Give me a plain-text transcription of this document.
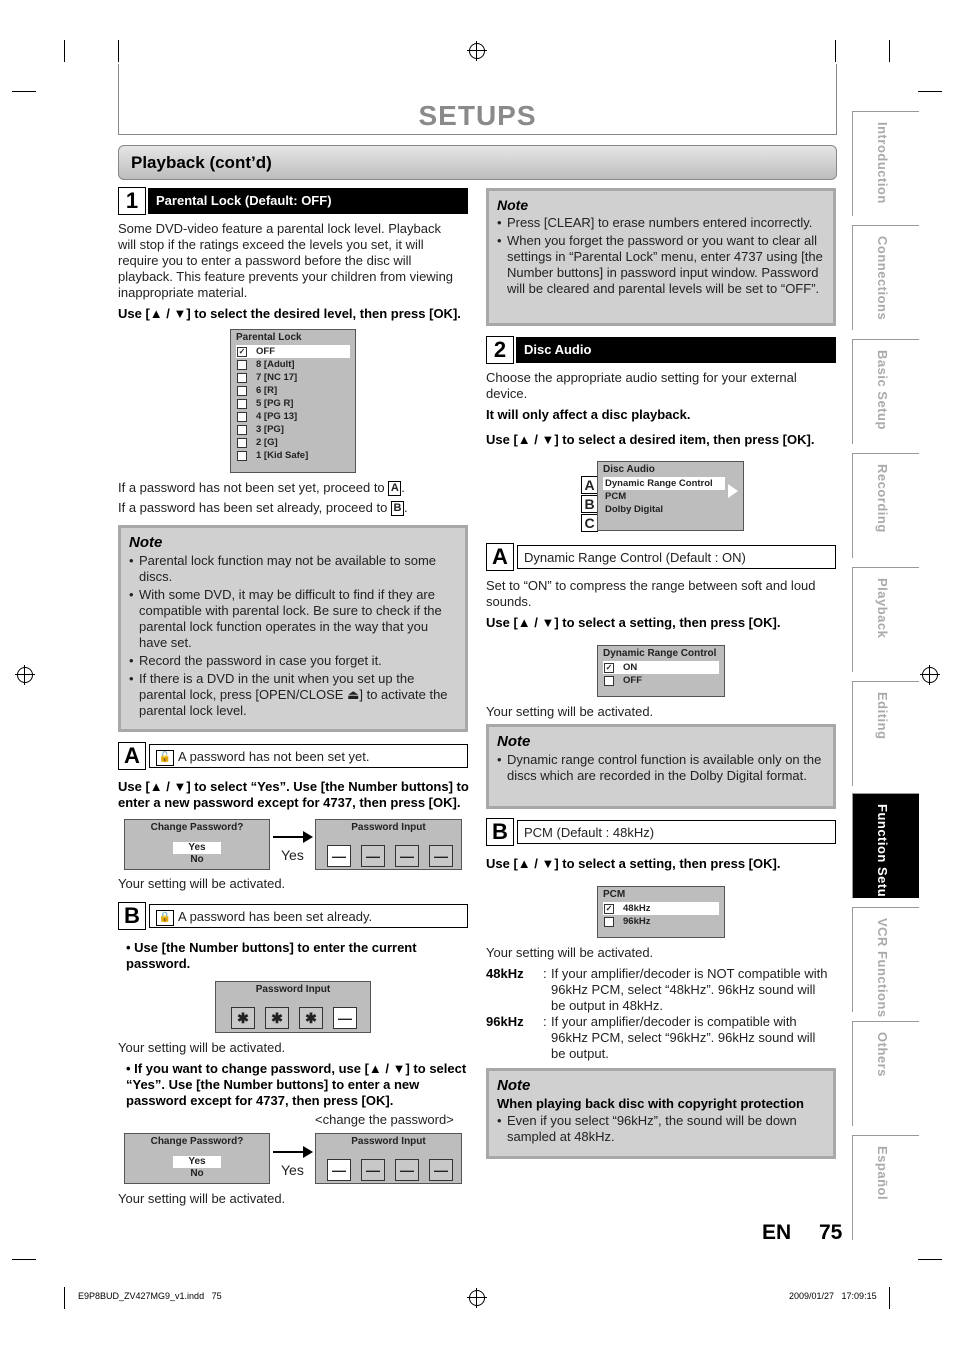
SETUPS
Playback (cont’d)	Introduction
Connections
Basic Setup
Recording
Playback
Editing
Function Setup
VCR Functions
Others
Español
1	Parental Lock (Default: OFF)
Some DVD-video feature a parental lock level. Playback will stop if the ratings exceed the levels you set, it will require you to enter a password before the disc will playback. This feature prevents your children from viewing inappropriate material.
Use [▲ / ▼] to select the desired level, then press [OK].
Parental Lock
✓ OFF
8 [Adult]
7 [NC 17]
6 [R]
5 [PG R]
4 [PG 13]
3 [PG]
2 [G]
1 [Kid Safe]
If a password has not been set yet, proceed to A .
If a password has been set already, proceed to B .
Note
• Parental lock function may not be available to some discs.
• With some DVD, it may be difficult to find if they are compatible with parental lock. Be sure to check if the parental lock function operates in the way that you have set.
• Record the password in case you forget it.
• If there is a DVD in the unit when you set up the parental lock, press [OPEN/CLOSE ⏏] to activate the parental lock level.
A	🔓 A password has not been set yet.
Use [▲ / ▼] to select “Yes”. Use [the Number buttons] to enter a new password except for 4737, then press [OK].
Change Password?
Yes
No	Yes
Password Input
—	—	—	—
Your setting will be activated.
B	🔒 A password has been set already.
• Use [the Number buttons] to enter the current password.
Password Input
✱	✱	✱	—
Your setting will be activated.
• If you want to change password, use [▲ / ▼] to select “Yes”. Use [the Number buttons] to enter a new password except for 4737, then press [OK].
<change the password>
Change Password?
Yes
No	Yes
Password Input
—	—	—	—
Your setting will be activated.
Note
• Press [CLEAR] to erase numbers entered incorrectly.
• When you forget the password or you want to clear all settings in “Parental Lock” menu, enter 4737 using [the Number buttons] in password input window. Password will be cleared and parental levels will be set to “OFF”.
2	Disc Audio
Choose the appropriate audio setting for your external device.
It will only affect a disc playback.
Use [▲ / ▼] to select a desired item, then press [OK].
A
B
C
Disc Audio
Dynamic Range Control
PCM
Dolby Digital
A	Dynamic Range Control (Default : ON)
Set to “ON” to compress the range between soft and loud sounds.
Use [▲ / ▼] to select a setting, then press [OK].
Dynamic Range Control
✓ ON
OFF
Your setting will be activated.
Note
• Dynamic range control function is available only on the discs which are recorded in the Dolby Digital format.
B	PCM (Default : 48kHz)
Use [▲ / ▼] to select a setting, then press [OK].
PCM
✓ 48kHz
96kHz
Your setting will be activated.
48kHz : If your amplifier/decoder is NOT compatible with 96kHz PCM, select “48kHz”. 96kHz sound will be output in 48kHz.
96kHz : If your amplifier/decoder is compatible with 96kHz PCM, select “96kHz”. 96kHz sound will be output.
Note
When playing back disc with copyright protection
• Even if you select “96kHz”, the sound will be down sampled at 48kHz.
EN 75
E9P8BUD_ZV427MG9_v1.indd   75	2009/01/27   17:09:15
